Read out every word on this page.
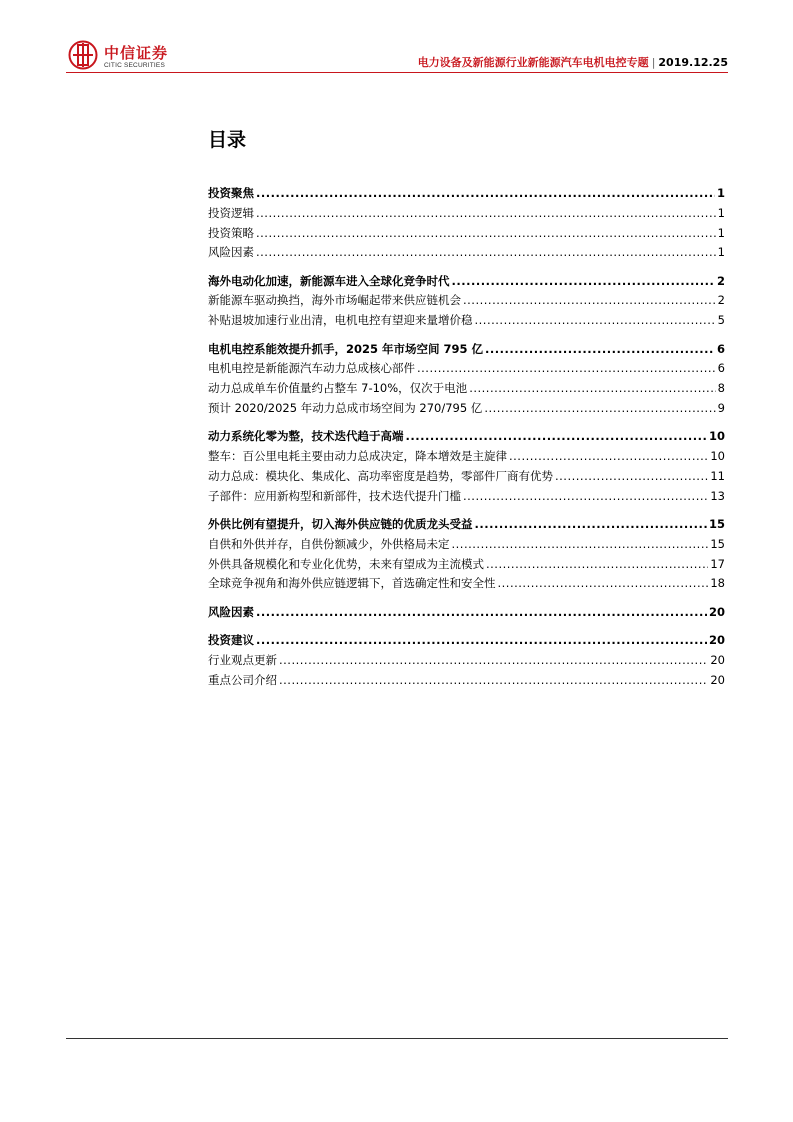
中信证券
CITIC SECURITIES	电力设备及新能源行业新能源汽车电机电控专题 | 2019.12.25
目录
投资聚焦 .....	1
投资逻辑 .....	1
投资策略 .....	1
风险因素 .....	1
海外电动化加速，新能源车进入全球化竞争时代 .....	2
新能源车驱动换挡，海外市场崛起带来供应链机会 .....	2
补贴退坡加速行业出清，电机电控有望迎来量增价稳 .....	5
电机电控系能效提升抓手，2025 年市场空间 795 亿 .....	6
电机电控是新能源汽车动力总成核心部件 .....	6
动力总成单车价值量约占整车 7-10%，仅次于电池 .....	8
预计 2020/2025 年动力总成市场空间为 270/795 亿 .....	9
动力系统化零为整，技术迭代趋于高端 .....	10
整车：百公里电耗主要由动力总成决定，降本增效是主旋律 .....	10
动力总成：模块化、集成化、高功率密度是趋势，零部件厂商有优势 .....	11
子部件：应用新构型和新部件，技术迭代提升门槛 .....	13
外供比例有望提升，切入海外供应链的优质龙头受益 .....	15
自供和外供并存，自供份额减少，外供格局未定 .....	15
外供具备规模化和专业化优势，未来有望成为主流模式 .....	17
全球竞争视角和海外供应链逻辑下，首选确定性和安全性 .....	18
风险因素 .....	20
投资建议 .....	20
行业观点更新 .....	20
重点公司介绍 .....	20
